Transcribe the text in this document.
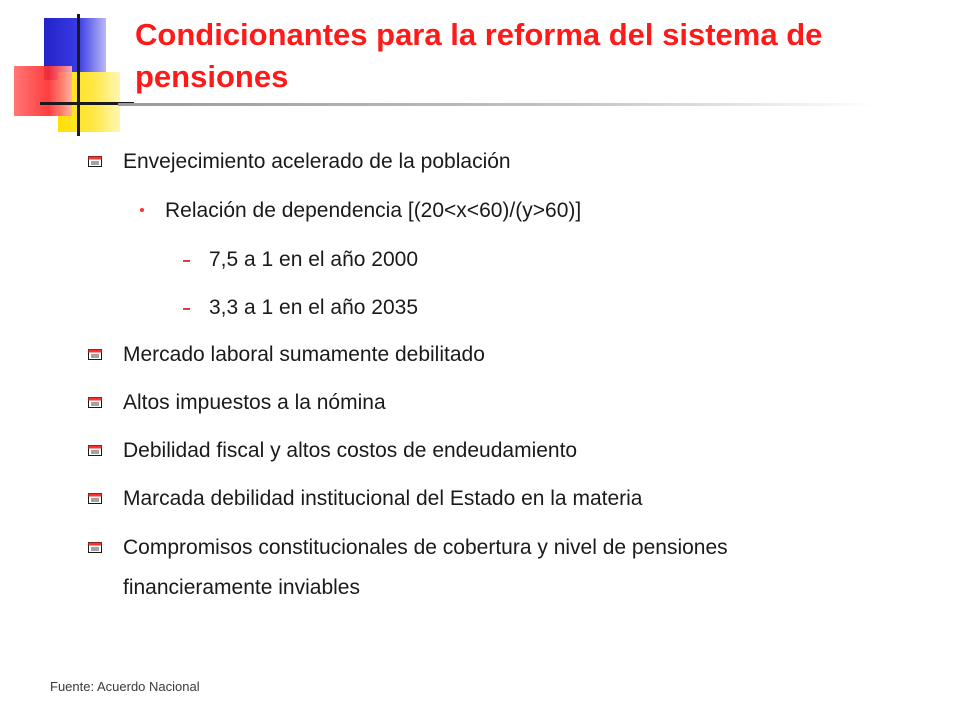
Condicionantes para la reforma del sistema de pensiones
Envejecimiento acelerado de la población
Relación de dependencia [(20<x<60)/(y>60)]
7,5 a 1 en el año 2000
3,3 a 1 en el año 2035
Mercado laboral sumamente debilitado
Altos impuestos a la nómina
Debilidad fiscal y altos costos de endeudamiento
Marcada debilidad institucional del Estado en la materia
Compromisos constitucionales de cobertura y nivel de pensiones financieramente inviables
Fuente: Acuerdo Nacional
